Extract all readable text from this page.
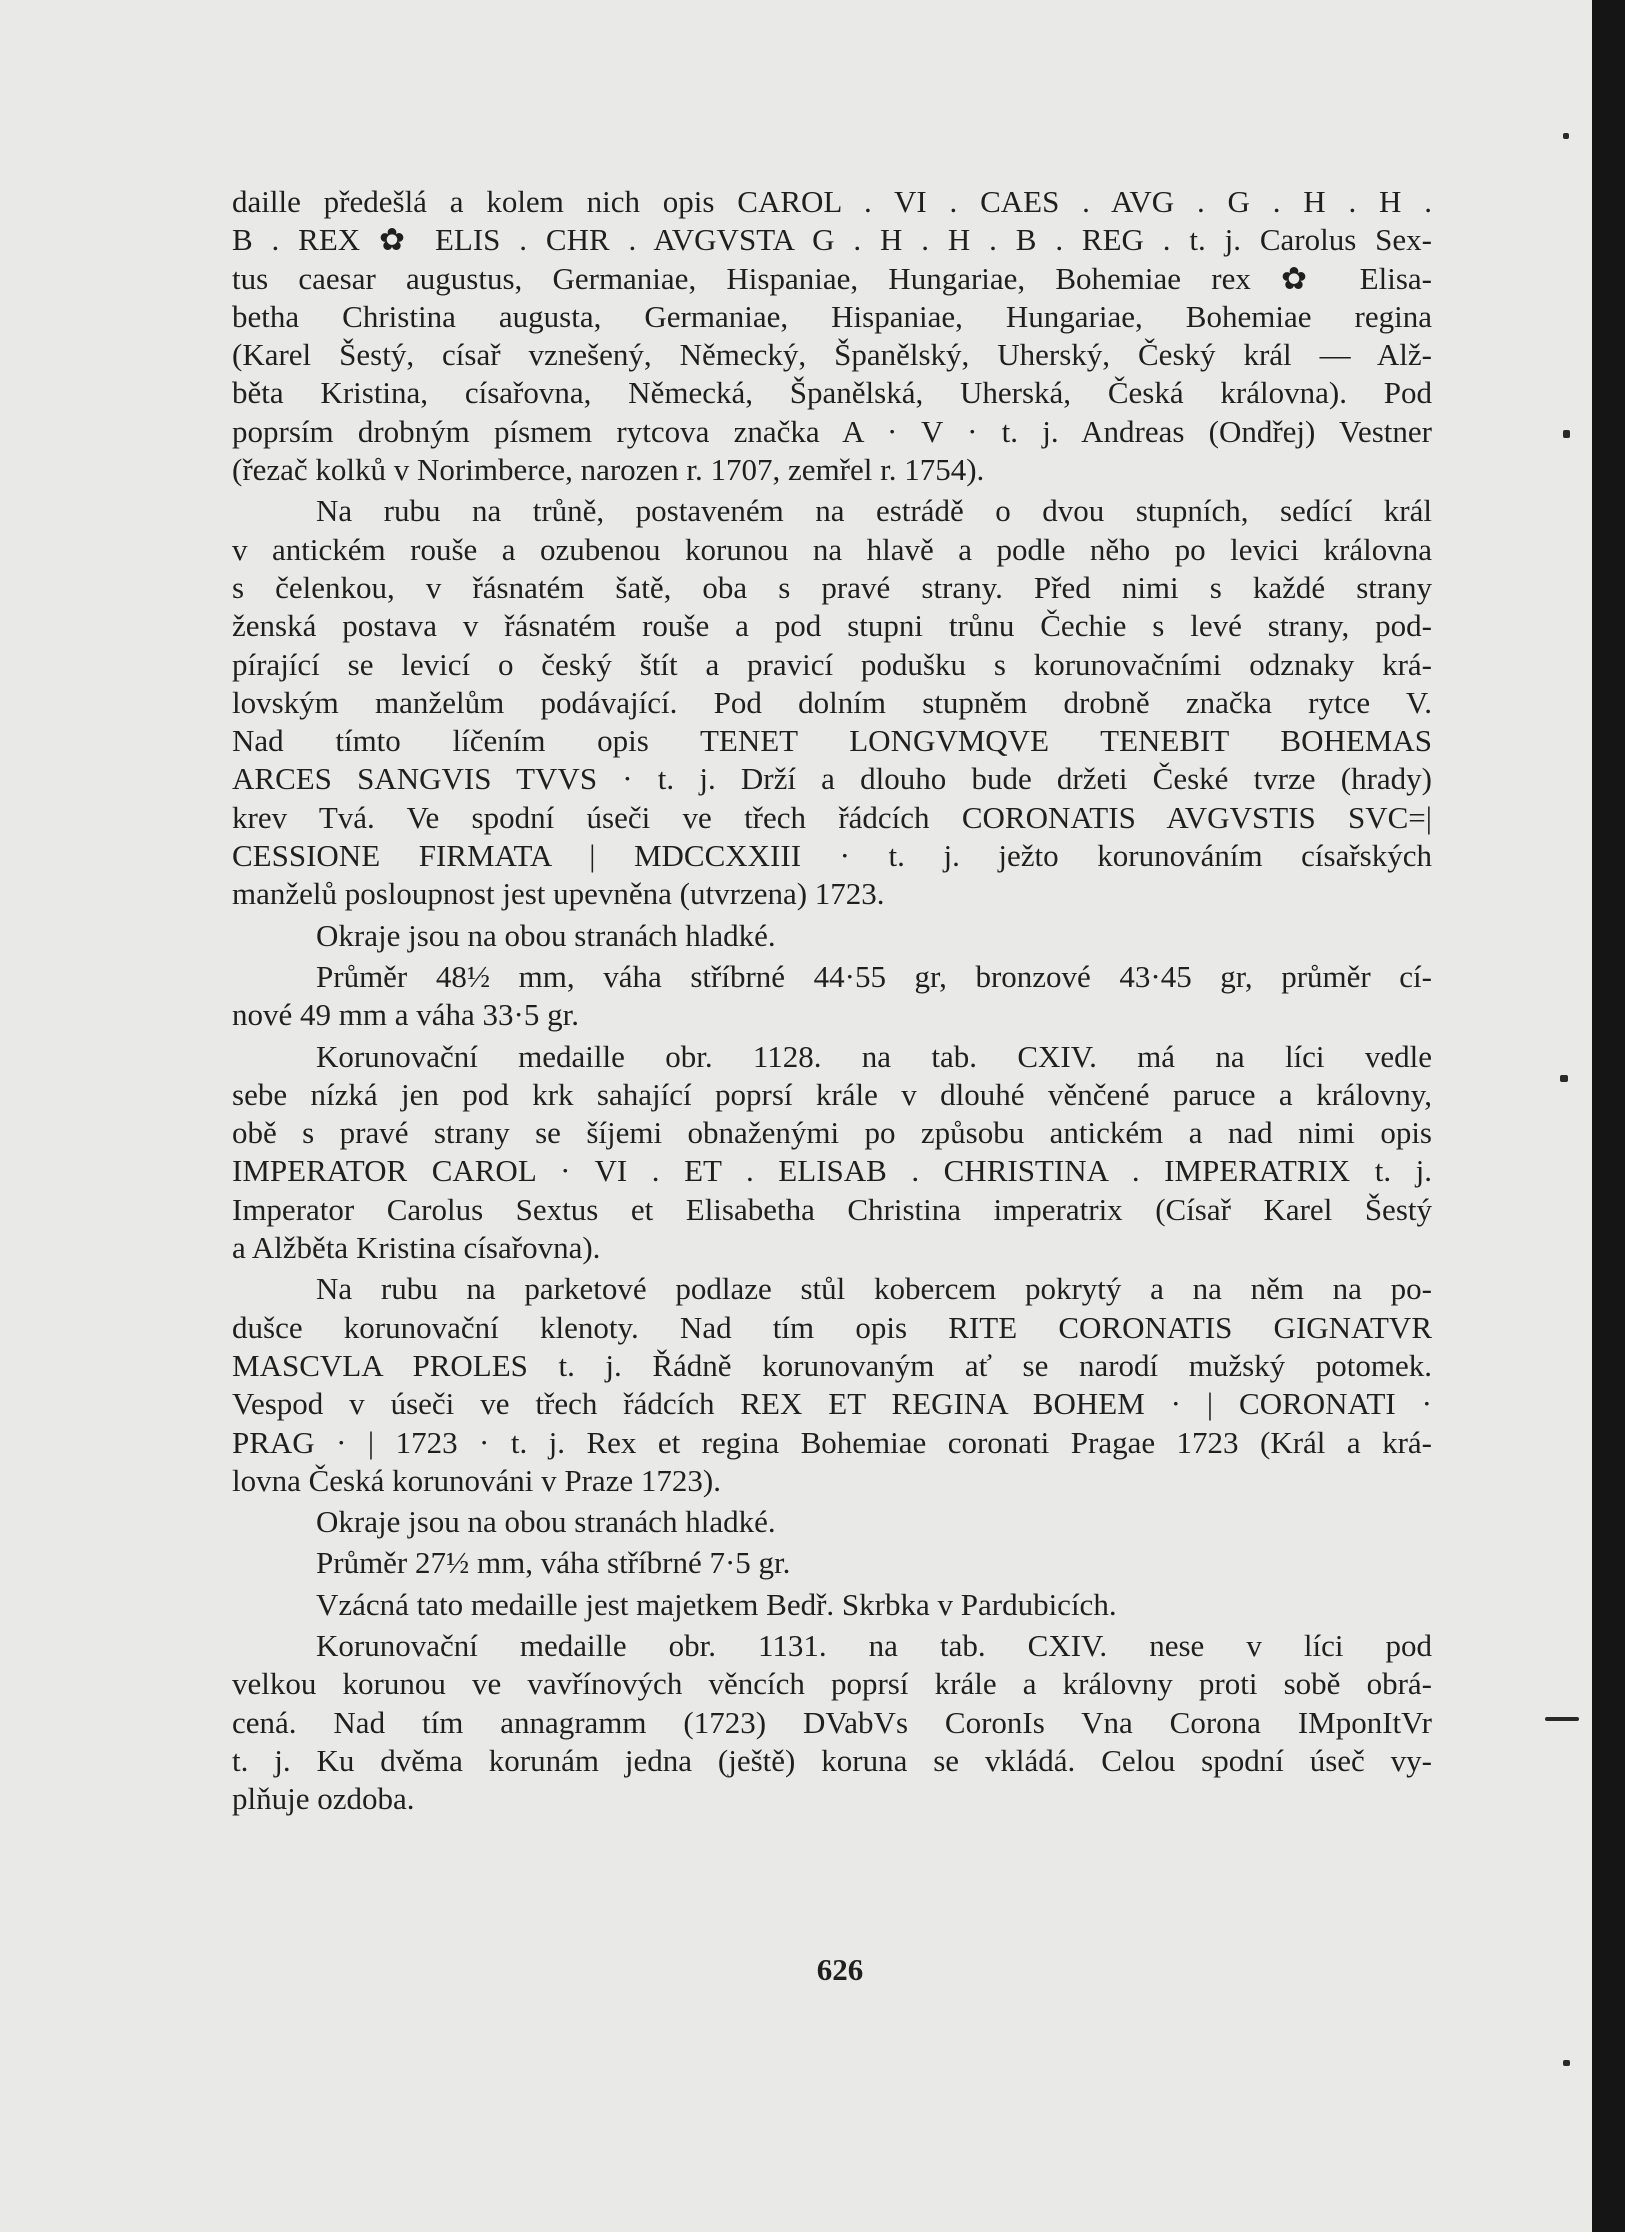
daille předešlá a kolem nich opis CAROL . VI . CAES . AVG . G . H . H .
B . REX ✿ ELIS . CHR . AVGVSTA G . H . H . B . REG . t. j. Carolus Sex-
tus caesar augustus, Germaniae, Hispaniae, Hungariae, Bohemiae rex ✿ Elisa-
betha Christina augusta, Germaniae, Hispaniae, Hungariae, Bohemiae regina
(Karel Šestý, císař vznešený, Německý, Španělský, Uherský, Český král — Alž-
běta Kristina, císařovna, Německá, Španělská, Uherská, Česká královna). Pod
poprsím drobným písmem rytcova značka A · V · t. j. Andreas (Ondřej) Vestner
(řezač kolků v Norimberce, narozen r. 1707, zemřel r. 1754).
Na rubu na trůně, postaveném na estrádě o dvou stupních, sedící král
v antickém rouše a ozubenou korunou na hlavě a podle něho po levici královna
s čelenkou, v řásnatém šatě, oba s pravé strany. Před nimi s každé strany
ženská postava v řásnatém rouše a pod stupni trůnu Čechie s levé strany, pod-
pírající se levicí o český štít a pravicí podušku s korunovačními odznaky krá-
lovským manželům podávající. Pod dolním stupněm drobně značka rytce V.
Nad tímto líčením opis TENET LONGVMQVE TENEBIT BOHEMAS
ARCES SANGVIS TVVS · t. j. Drží a dlouho bude držeti České tvrze (hrady)
krev Tvá. Ve spodní úseči ve třech řádcích CORONATIS AVGVSTIS SVC=|
CESSIONE FIRMATA | MDCCXXIII · t. j. ježto korunováním císařských
manželů posloupnost jest upevněna (utvrzena) 1723.
Okraje jsou na obou stranách hladké.
Průměr 48½ mm, váha stříbrné 44·55 gr, bronzové 43·45 gr, průměr cí-
nové 49 mm a váha 33·5 gr.
Korunovační medaille obr. 1128. na tab. CXIV. má na líci vedle
sebe nízká jen pod krk sahající poprsí krále v dlouhé věnčené paruce a královny,
obě s pravé strany se šíjemi obnaženými po způsobu antickém a nad nimi opis
IMPERATOR CAROL · VI . ET . ELISAB . CHRISTINA . IMPERATRIX t. j.
Imperator Carolus Sextus et Elisabetha Christina imperatrix (Císař Karel Šestý
a Alžběta Kristina císařovna).
Na rubu na parketové podlaze stůl kobercem pokrytý a na něm na po-
dušce korunovační klenoty. Nad tím opis RITE CORONATIS GIGNATVR
MASCVLA PROLES t. j. Řádně korunovaným ať se narodí mužský potomek.
Vespod v úseči ve třech řádcích REX ET REGINA BOHEM · | CORONATI ·
PRAG · | 1723 · t. j. Rex et regina Bohemiae coronati Pragae 1723 (Král a krá-
lovna Česká korunováni v Praze 1723).
Okraje jsou na obou stranách hladké.
Průměr 27½ mm, váha stříbrné 7·5 gr.
Vzácná tato medaille jest majetkem Bedř. Skrbka v Pardubicích.
Korunovační medaille obr. 1131. na tab. CXIV. nese v líci pod
velkou korunou ve vavřínových věncích poprsí krále a královny proti sobě obrá-
cená. Nad tím annagramm (1723) DVabVs CoronIs Vna Corona IMponItVr
t. j. Ku dvěma korunám jedna (ještě) koruna se vkládá. Celou spodní úseč vy-
plňuje ozdoba.
626
